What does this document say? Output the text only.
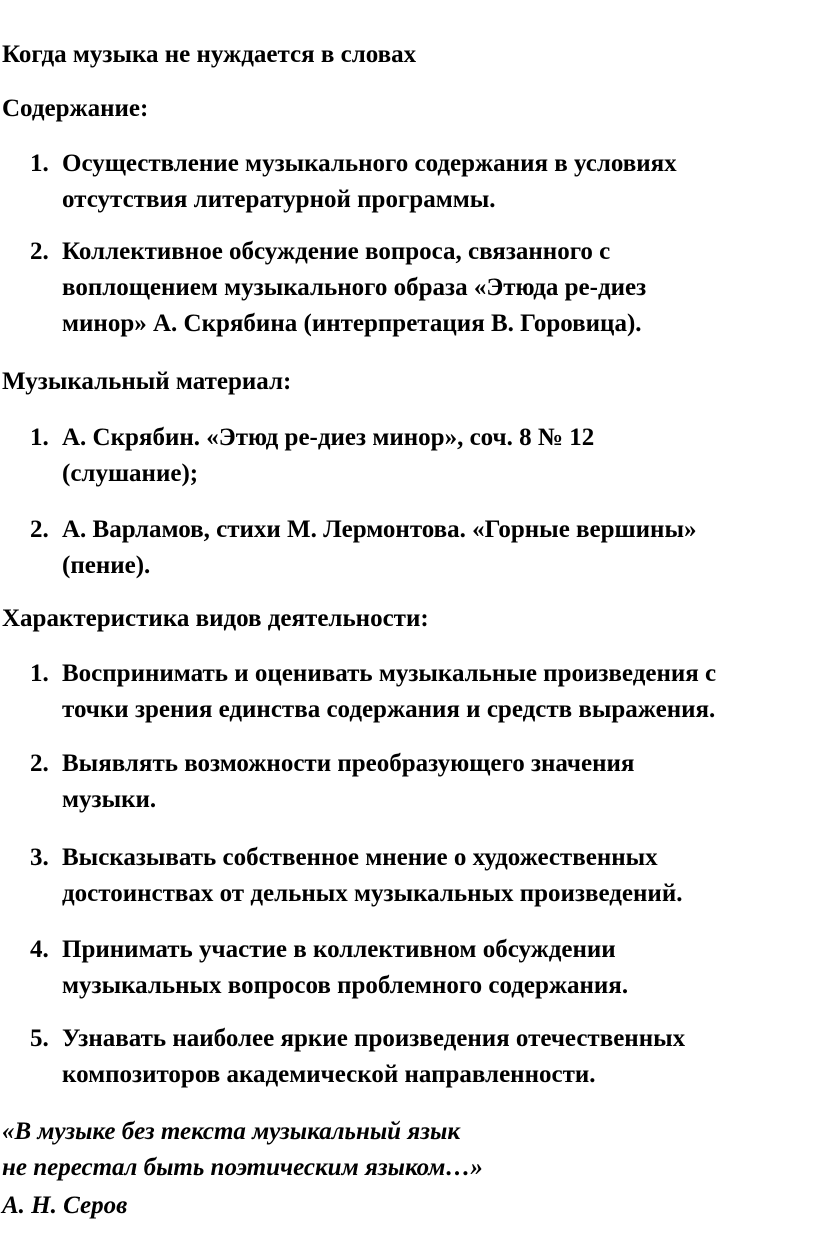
Когда музыка не нуждается в словах
Содержание:
1. Осуществление музыкального содержания в условиях
отсутствия литературной программы.
2. Коллективное обсуждение вопроса, связанного с
воплощением музыкального образа «Этюда ре-диез
минор» А. Скрябина (интерпретация В. Горовица).
Музыкальный материал:
1. А. Скрябин. «Этюд ре-диез минор», соч. 8 № 12
(слушание);
2. А. Варламов, стихи М. Лермонтова. «Горные вершины»
(пение).
Характеристика видов деятельности:
1. Воспринимать и оценивать музыкальные произведения с
точки зрения единства содержания и средств выражения.
2. Выявлять возможности преобразующего значения
музыки.
3. Высказывать собственное мнение о художественных
достоинствах от дельных музыкальных произведений.
4. Принимать участие в коллективном обсуждении
музыкальных вопросов проблемного содержания.
5. Узнавать наиболее яркие произведения отечественных
композиторов академической направленности.
«В музыке без текста музыкальный язык
не перестал быть поэтическим языком…»
А. Н. Серов
